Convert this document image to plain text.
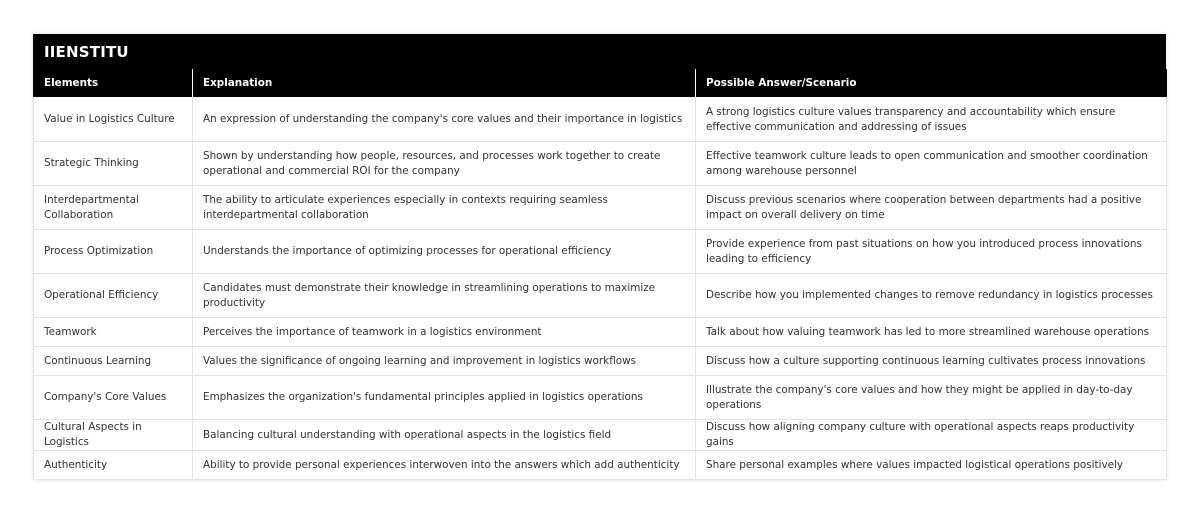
IIENSTITU
Elements	Explanation	Possible Answer/Scenario
Value in Logistics Culture	An expression of understanding the company's core values and their importance in logistics	A strong logistics culture values transparency and accountability which ensure effective communication and addressing of issues
Strategic Thinking	Shown by understanding how people, resources, and processes work together to create operational and commercial ROI for the company	Effective teamwork culture leads to open communication and smoother coordination among warehouse personnel
Interdepartmental Collaboration	The ability to articulate experiences especially in contexts requiring seamless interdepartmental collaboration	Discuss previous scenarios where cooperation between departments had a positive impact on overall delivery on time
Process Optimization	Understands the importance of optimizing processes for operational efficiency	Provide experience from past situations on how you introduced process innovations leading to efficiency
Operational Efficiency	Candidates must demonstrate their knowledge in streamlining operations to maximize productivity	Describe how you implemented changes to remove redundancy in logistics processes
Teamwork	Perceives the importance of teamwork in a logistics environment	Talk about how valuing teamwork has led to more streamlined warehouse operations
Continuous Learning	Values the significance of ongoing learning and improvement in logistics workflows	Discuss how a culture supporting continuous learning cultivates process innovations
Company's Core Values	Emphasizes the organization's fundamental principles applied in logistics operations	Illustrate the company's core values and how they might be applied in day-to-day operations
Cultural Aspects in Logistics	Balancing cultural understanding with operational aspects in the logistics field	Discuss how aligning company culture with operational aspects reaps productivity gains
Authenticity	Ability to provide personal experiences interwoven into the answers which add authenticity	Share personal examples where values impacted logistical operations positively
